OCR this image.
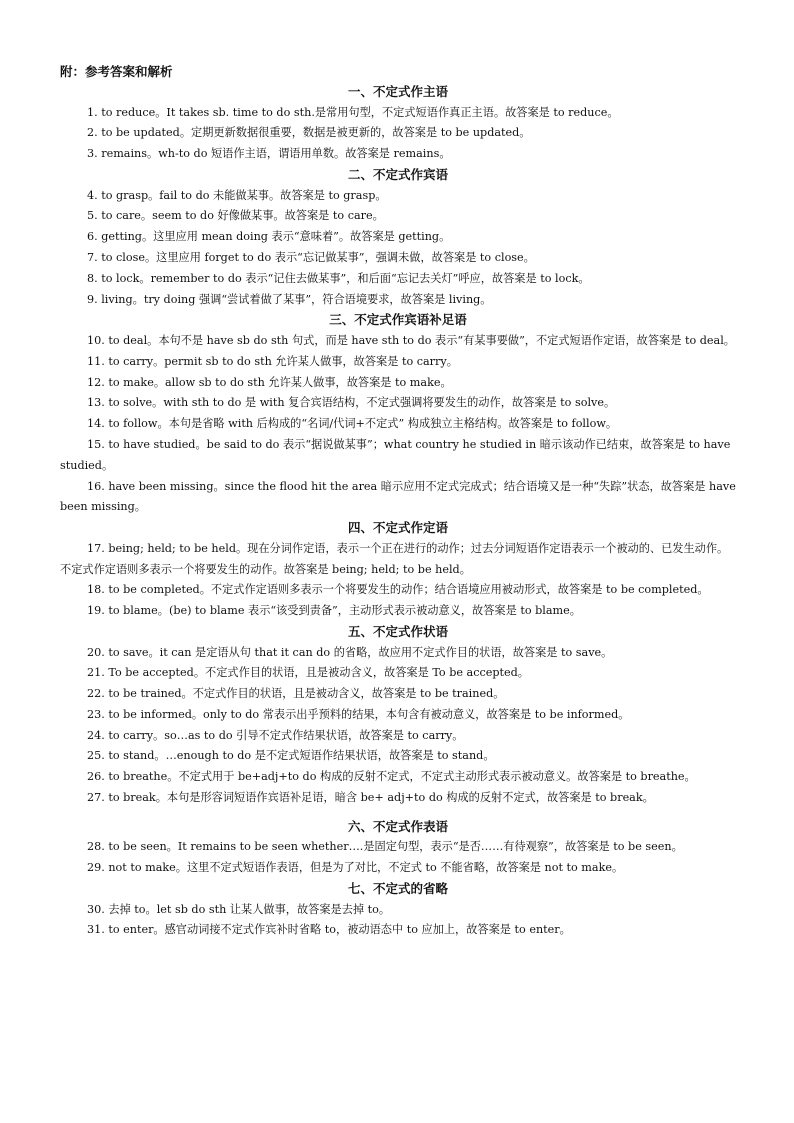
附：参考答案和解析
一、不定式作主语
1. to reduce。It takes sb. time to do sth.是常用句型，不定式短语作真正主语。故答案是 to reduce。
2. to be updated。定期更新数据很重要，数据是被更新的，故答案是 to be updated。
3. remains。wh-to do 短语作主语，谓语用单数。故答案是 remains。
二、不定式作宾语
4. to grasp。fail to do 未能做某事。故答案是 to grasp。
5. to care。seem to do 好像做某事。故答案是 to care。
6. getting。这里应用 mean doing 表示“意味着”。故答案是 getting。
7. to close。这里应用 forget to do 表示“忘记做某事”，强调未做，故答案是 to close。
8. to lock。remember to do 表示“记住去做某事”，和后面“忘记去关灯”呼应，故答案是 to lock。
9. living。try doing 强调“尝试着做了某事”，符合语境要求，故答案是 living。
三、不定式作宾语补足语
10. to deal。本句不是 have sb do sth 句式，而是 have sth to do 表示“有某事要做”，不定式短语作定语，故答案是 to deal。
11. to carry。permit sb to do sth 允许某人做事，故答案是 to carry。
12. to make。allow sb to do sth 允许某人做事，故答案是 to make。
13. to solve。with sth to do 是 with 复合宾语结构，不定式强调将要发生的动作，故答案是 to solve。
14. to follow。本句是省略 with 后构成的“名词/代词+不定式” 构成独立主格结构。故答案是 to follow。
15. to have studied。be said to do 表示“据说做某事”；what country he studied in 暗示该动作已结束，故答案是 to have studied。
16. have been missing。since the flood hit the area 暗示应用不定式完成式；结合语境又是一种“失踪”状态，故答案是 have been missing。
四、不定式作定语
17. being; held; to be held。现在分词作定语，表示一个正在进行的动作；过去分词短语作定语表示一个被动的、已发生动作。不定式作定语则多表示一个将要发生的动作。故答案是 being; held; to be held。
18. to be completed。不定式作定语则多表示一个将要发生的动作；结合语境应用被动形式，故答案是 to be completed。
19. to blame。(be) to blame 表示“该受到责备”，主动形式表示被动意义，故答案是 to blame。
五、不定式作状语
20. to save。it can 是定语从句 that it can do 的省略，故应用不定式作目的状语，故答案是 to save。
21. To be accepted。不定式作目的状语，且是被动含义，故答案是 To be accepted。
22. to be trained。不定式作目的状语，且是被动含义，故答案是 to be trained。
23. to be informed。only to do 常表示出乎预料的结果，本句含有被动意义，故答案是 to be informed。
24. to carry。so…as to do 引导不定式作结果状语，故答案是 to carry。
25. to stand。…enough to do 是不定式短语作结果状语，故答案是 to stand。
26. to breathe。不定式用于 be+adj+to do 构成的反射不定式，不定式主动形式表示被动意义。故答案是 to breathe。
27. to break。本句是形容词短语作宾语补足语，暗含 be+ adj+to do 构成的反射不定式，故答案是 to break。
六、不定式作表语
28. to be seen。It remains to be seen whether….是固定句型，表示“是否……有待观察”，故答案是 to be seen。
29. not to make。这里不定式短语作表语，但是为了对比，不定式 to 不能省略，故答案是 not to make。
七、不定式的省略
30. 去掉 to。let sb do sth 让某人做事，故答案是去掉 to。
31. to enter。感官动词接不定式作宾补时省略 to，被动语态中 to 应加上，故答案是 to enter。
